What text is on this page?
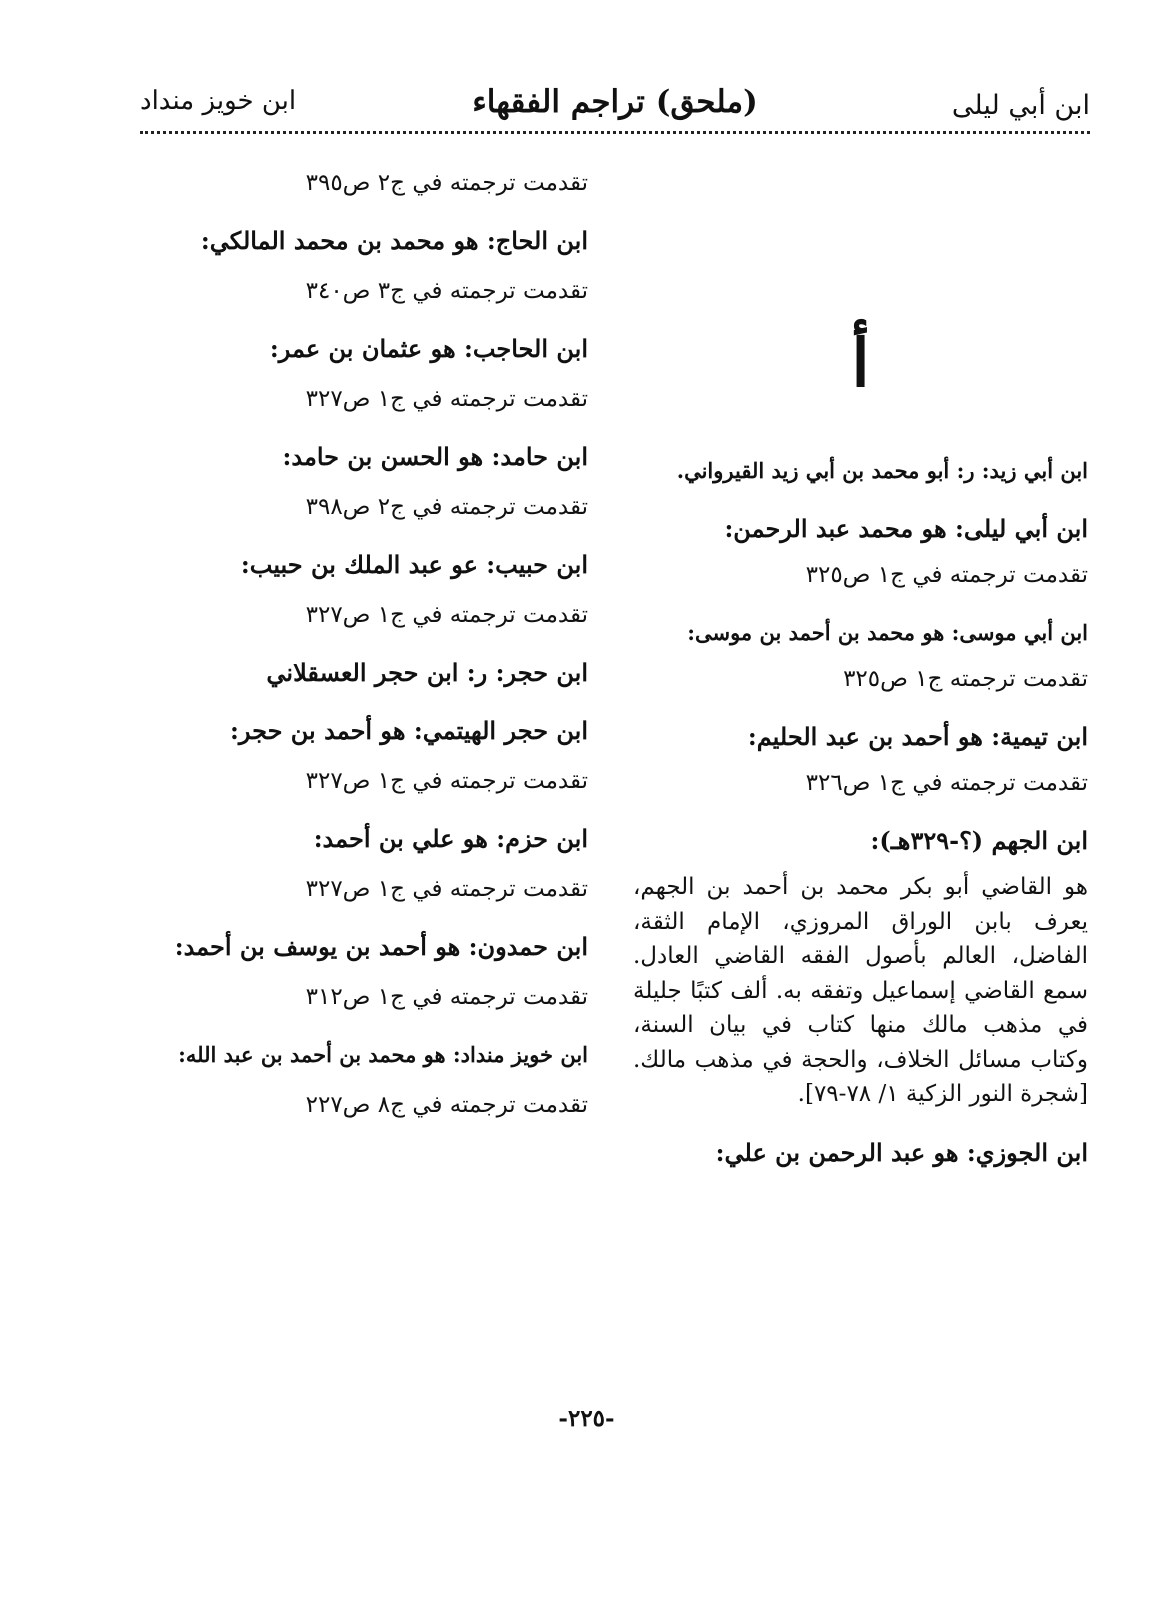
ابن أبي ليلى
(ملحق) تراجم الفقهاء
ابن خويز منداد
أ
ابن أبي زيد: ر: أبو محمد بن أبي زيد القيرواني.
ابن أبي ليلى: هو محمد عبد الرحمن:
تقدمت ترجمته في ج١ ص٣٢٥
ابن أبي موسى: هو محمد بن أحمد بن موسى:
تقدمت ترجمته ج١ ص٣٢٥
ابن تيمية: هو أحمد بن عبد الحليم:
تقدمت ترجمته في ج١ ص٣٢٦
ابن الجهم (؟-٣٢٩هـ):
هو القاضي أبو بكر محمد بن أحمد بن الجهم، يعرف بابن الوراق المروزي، الإمام الثقة، الفاضل، العالم بأصول الفقه القاضي العادل. سمع القاضي إسماعيل وتفقه به. ألف كتبًا جليلة في مذهب مالك منها كتاب في بيان السنة، وكتاب مسائل الخلاف، والحجة في مذهب مالك. [شجرة النور الزكية ١/ ٧٨-٧٩].
ابن الجوزي: هو عبد الرحمن بن علي:
تقدمت ترجمته في ج٢ ص٣٩٥
ابن الحاج: هو محمد بن محمد المالكي:
تقدمت ترجمته في ج٣ ص٣٤٠
ابن الحاجب: هو عثمان بن عمر:
تقدمت ترجمته في ج١ ص٣٢٧
ابن حامد: هو الحسن بن حامد:
تقدمت ترجمته في ج٢ ص٣٩٨
ابن حبيب: عو عبد الملك بن حبيب:
تقدمت ترجمته في ج١ ص٣٢٧
ابن حجر: ر: ابن حجر العسقلاني
ابن حجر الهيتمي: هو أحمد بن حجر:
تقدمت ترجمته في ج١ ص٣٢٧
ابن حزم: هو علي بن أحمد:
تقدمت ترجمته في ج١ ص٣٢٧
ابن حمدون: هو أحمد بن يوسف بن أحمد:
تقدمت ترجمته في ج١ ص٣١٢
ابن خويز منداد: هو محمد بن أحمد بن عبد الله:
تقدمت ترجمته في ج٨ ص٢٢٧
-٢٢٥-
